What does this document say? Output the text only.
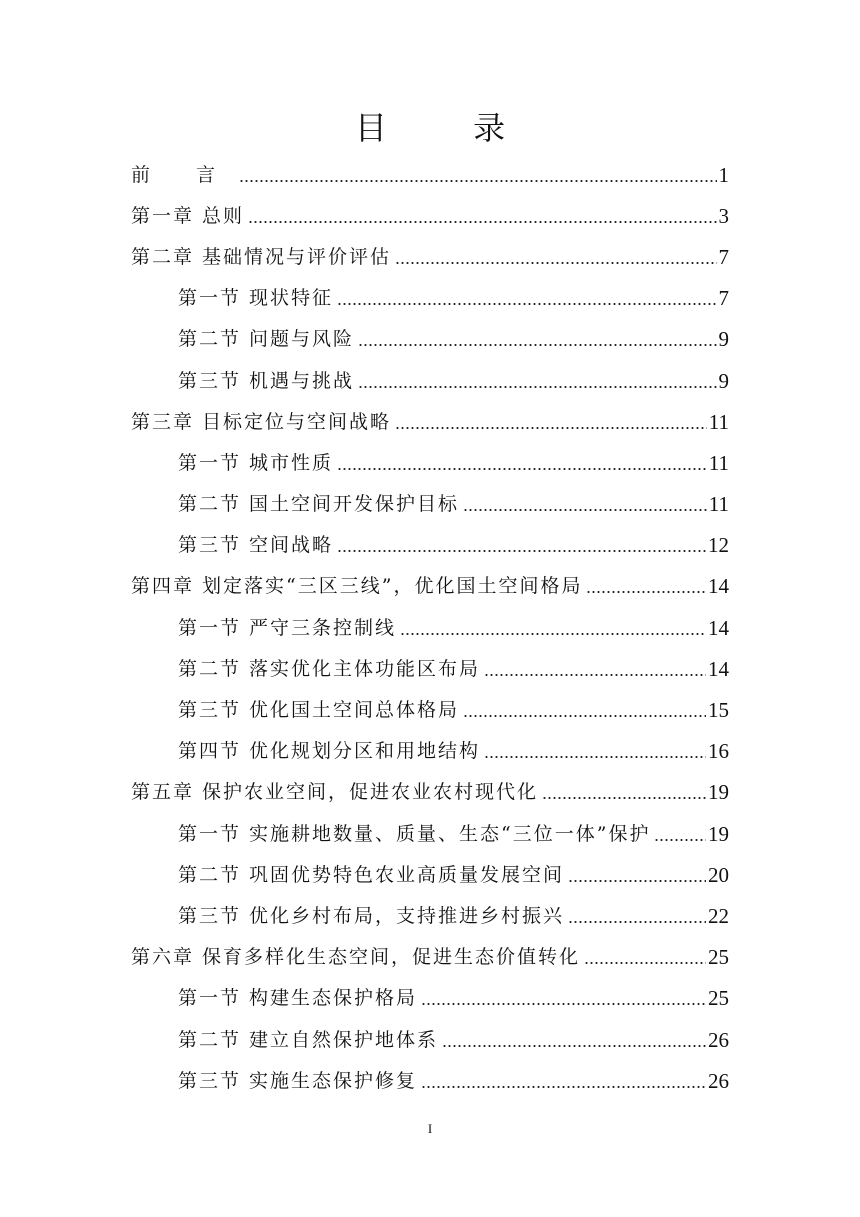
目 录
前 言	1
第一章 总则	3
第二章 基础情况与评价评估	7
第一节 现状特征	7
第二节 问题与风险	9
第三节 机遇与挑战	9
第三章 目标定位与空间战略	11
第一节 城市性质	11
第二节 国土空间开发保护目标	11
第三节 空间战略	12
第四章 划定落实“三区三线”，优化国土空间格局	14
第一节 严守三条控制线	14
第二节 落实优化主体功能区布局	14
第三节 优化国土空间总体格局	15
第四节 优化规划分区和用地结构	16
第五章 保护农业空间，促进农业农村现代化	19
第一节 实施耕地数量、质量、生态“三位一体”保护	19
第二节 巩固优势特色农业高质量发展空间	20
第三节 优化乡村布局，支持推进乡村振兴	22
第六章 保育多样化生态空间，促进生态价值转化	25
第一节 构建生态保护格局	25
第二节 建立自然保护地体系	26
第三节 实施生态保护修复	26
I
